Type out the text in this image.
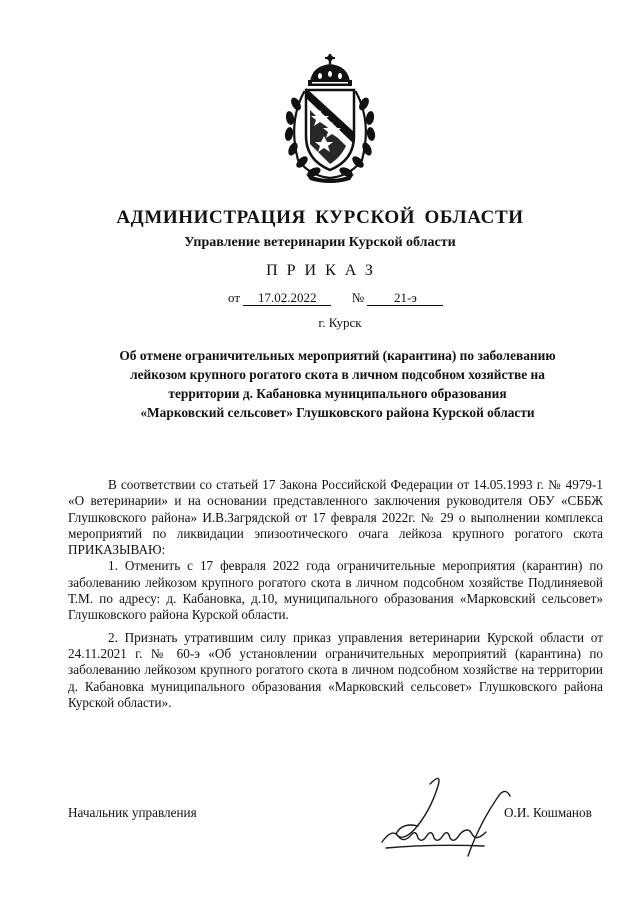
АДМИНИСТРАЦИЯ КУРСКОЙ ОБЛАСТИ
Управление ветеринарии Курской области
ПРИКАЗ
от 17.02.2022	№ 21-э
г. Курск
Об отмене ограничительных мероприятий (карантина) по заболеванию
лейкозом крупного рогатого скота в личном подсобном хозяйстве на
территории д. Кабановка муниципального образования
«Марковский сельсовет» Глушковского района Курской области

В соответствии со статьей 17 Закона Российской Федерации от 14.05.1993 г. № 4979-1 «О ветеринарии» и на основании представленного заключения руководителя ОБУ «СББЖ Глушковского района» И.В.Загрядской от 17 февраля 2022г. № 29 о выполнении комплекса мероприятий по ликвидации эпизоотического очага лейкоза крупного рогатого скота ПРИКАЗЫВАЮ:

1. Отменить с 17 февраля 2022 года ограничительные мероприятия (карантин) по заболеванию лейкозом крупного рогатого скота в личном подсобном хозяйстве Подлиняевой Т.М. по адресу: д. Кабановка, д.10, муниципального образования «Марковский сельсовет» Глушковского района Курской области.

2. Признать утратившим силу приказ управления ветеринарии Курской области от 24.11.2021 г. № 60-э «Об установлении ограничительных мероприятий (карантина) по заболеванию лейкозом крупного рогатого скота в личном подсобном хозяйстве на территории д. Кабановка муниципального образования «Марковский сельсовет» Глушковского района Курской области».

Начальник управления	О.И. Кошманов
